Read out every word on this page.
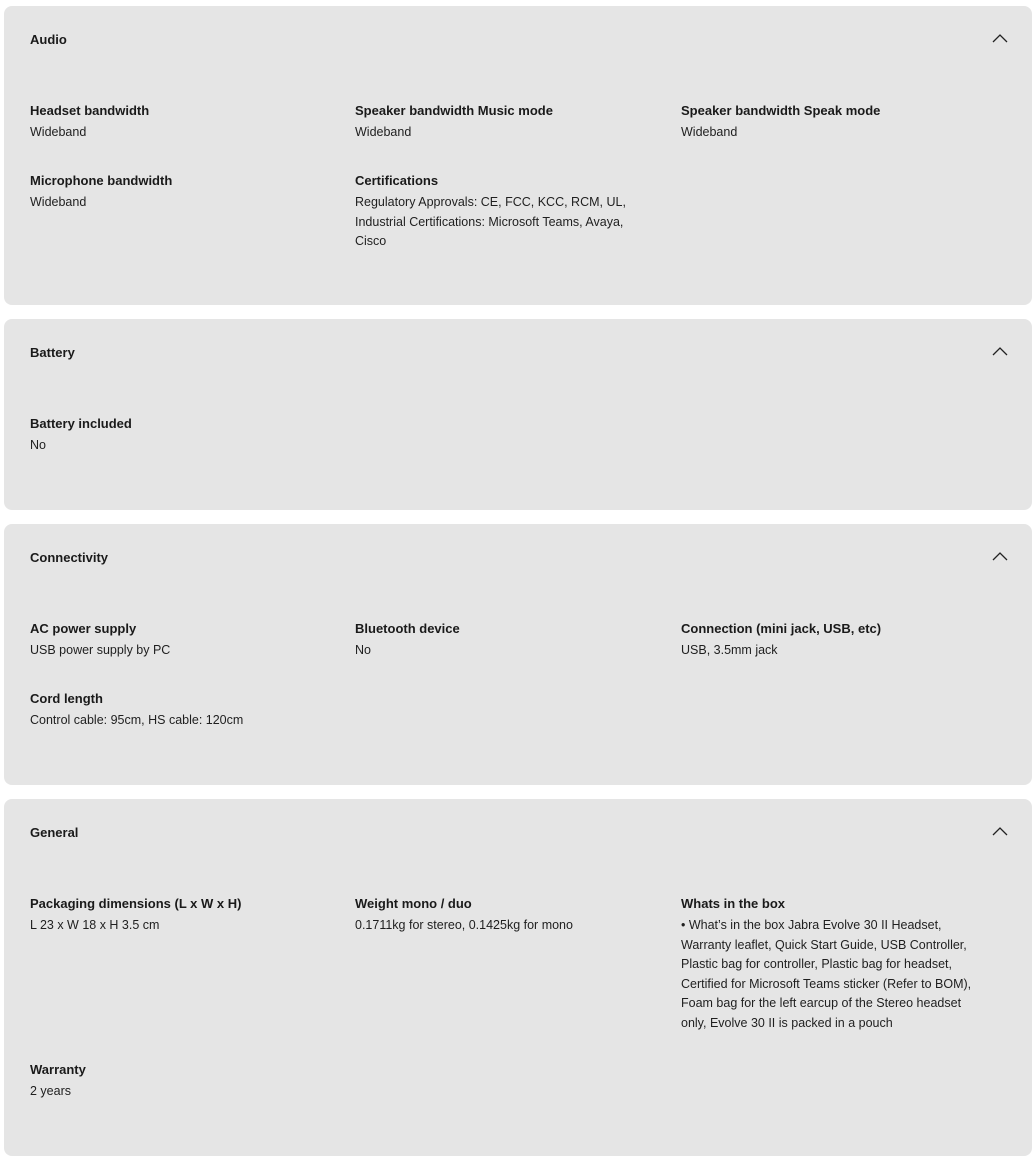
Audio
Headset bandwidth
Wideband
Speaker bandwidth Music mode
Wideband
Speaker bandwidth Speak mode
Wideband
Microphone bandwidth
Wideband
Certifications
Regulatory Approvals: CE, FCC, KCC, RCM, UL, Industrial Certifications: Microsoft Teams, Avaya, Cisco
Battery
Battery included
No
Connectivity
AC power supply
USB power supply by PC
Bluetooth device
No
Connection (mini jack, USB, etc)
USB, 3.5mm jack
Cord length
Control cable: 95cm, HS cable: 120cm
General
Packaging dimensions (L x W x H)
L 23 x W 18 x H 3.5 cm
Weight mono / duo
0.1711kg for stereo, 0.1425kg for mono
Whats in the box
• What’s in the box Jabra Evolve 30 II Headset, Warranty leaflet, Quick Start Guide, USB Controller, Plastic bag for controller, Plastic bag for headset, Certified for Microsoft Teams sticker (Refer to BOM), Foam bag for the left earcup of the Stereo headset only, Evolve 30 II is packed in a pouch
Warranty
2 years
